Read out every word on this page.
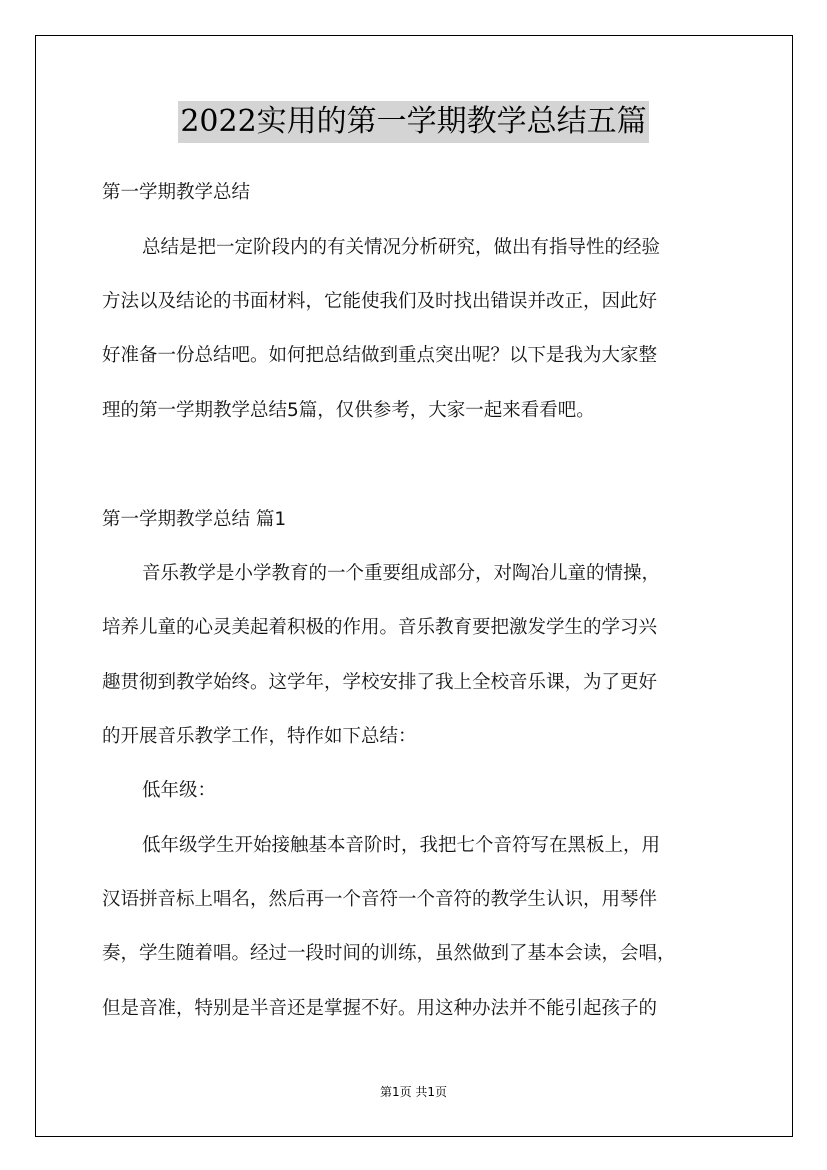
2022实用的第一学期教学总结五篇
第一学期教学总结
总结是把一定阶段内的有关情况分析研究，做出有指导性的经验
方法以及结论的书面材料，它能使我们及时找出错误并改正，因此好
好准备一份总结吧。如何把总结做到重点突出呢？以下是我为大家整
理的第一学期教学总结5篇，仅供参考，大家一起来看看吧。
第一学期教学总结 篇1
音乐教学是小学教育的一个重要组成部分，对陶冶儿童的情操，
培养儿童的心灵美起着积极的作用。音乐教育要把激发学生的学习兴
趣贯彻到教学始终。这学年，学校安排了我上全校音乐课，为了更好
的开展音乐教学工作，特作如下总结：
低年级：
低年级学生开始接触基本音阶时，我把七个音符写在黑板上，用
汉语拼音标上唱名，然后再一个音符一个音符的教学生认识，用琴伴
奏，学生随着唱。经过一段时间的训练，虽然做到了基本会读，会唱，
但是音准，特别是半音还是掌握不好。用这种办法并不能引起孩子的
第1页 共1页
